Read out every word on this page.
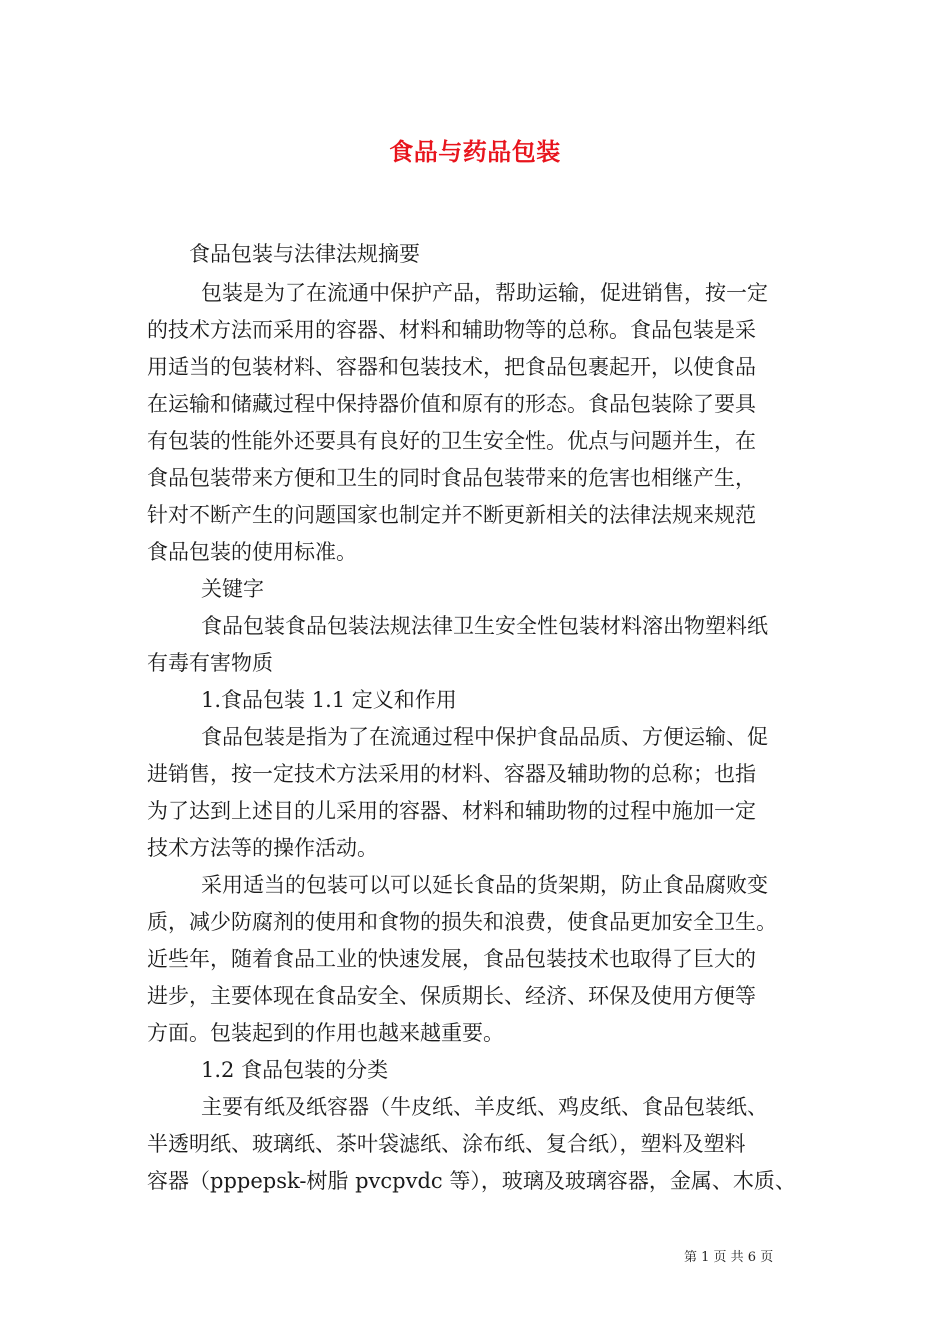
食品与药品包装
食品包装与法律法规摘要
包装是为了在流通中保护产品，帮助运输，促进销售，按一定
的技术方法而采用的容器、材料和辅助物等的总称。食品包装是采
用适当的包装材料、容器和包装技术，把食品包裹起开，以使食品
在运输和储藏过程中保持器价值和原有的形态。食品包装除了要具
有包装的性能外还要具有良好的卫生安全性。优点与问题并生，在
食品包装带来方便和卫生的同时食品包装带来的危害也相继产生，
针对不断产生的问题国家也制定并不断更新相关的法律法规来规范
食品包装的使用标准。
关键字
食品包装食品包装法规法律卫生安全性包装材料溶出物塑料纸
有毒有害物质
1.食品包装 1.1 定义和作用
食品包装是指为了在流通过程中保护食品品质、方便运输、促
进销售，按一定技术方法采用的材料、容器及辅助物的总称；也指
为了达到上述目的儿采用的容器、材料和辅助物的过程中施加一定
技术方法等的操作活动。
采用适当的包装可以可以延长食品的货架期，防止食品腐败变
质，减少防腐剂的使用和食物的损失和浪费，使食品更加安全卫生。
近些年，随着食品工业的快速发展，食品包装技术也取得了巨大的
进步，主要体现在食品安全、保质期长、经济、环保及使用方便等
方面。包装起到的作用也越来越重要。
1.2 食品包装的分类
主要有纸及纸容器（牛皮纸、羊皮纸、鸡皮纸、食品包装纸、
半透明纸、玻璃纸、茶叶袋滤纸、涂布纸、复合纸），塑料及塑料
容器（pppepsk-树脂 pvcpvdc 等），玻璃及玻璃容器，金属、木质、
第 1 页 共 6 页
